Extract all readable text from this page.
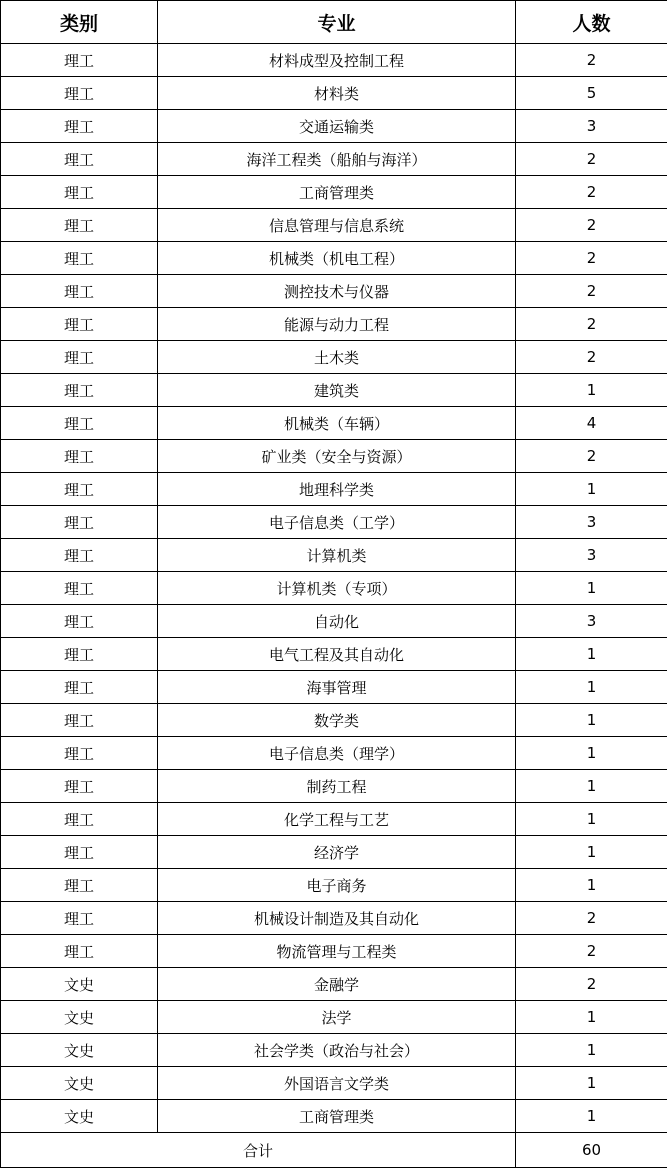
类别	专业	人数
理工	材料成型及控制工程	2
理工	材料类	5
理工	交通运输类	3
理工	海洋工程类（船舶与海洋）	2
理工	工商管理类	2
理工	信息管理与信息系统	2
理工	机械类（机电工程）	2
理工	测控技术与仪器	2
理工	能源与动力工程	2
理工	土木类	2
理工	建筑类	1
理工	机械类（车辆）	4
理工	矿业类（安全与资源）	2
理工	地理科学类	1
理工	电子信息类（工学）	3
理工	计算机类	3
理工	计算机类（专项）	1
理工	自动化	3
理工	电气工程及其自动化	1
理工	海事管理	1
理工	数学类	1
理工	电子信息类（理学）	1
理工	制药工程	1
理工	化学工程与工艺	1
理工	经济学	1
理工	电子商务	1
理工	机械设计制造及其自动化	2
理工	物流管理与工程类	2
文史	金融学	2
文史	法学	1
文史	社会学类（政治与社会）	1
文史	外国语言文学类	1
文史	工商管理类	1
合计		60
